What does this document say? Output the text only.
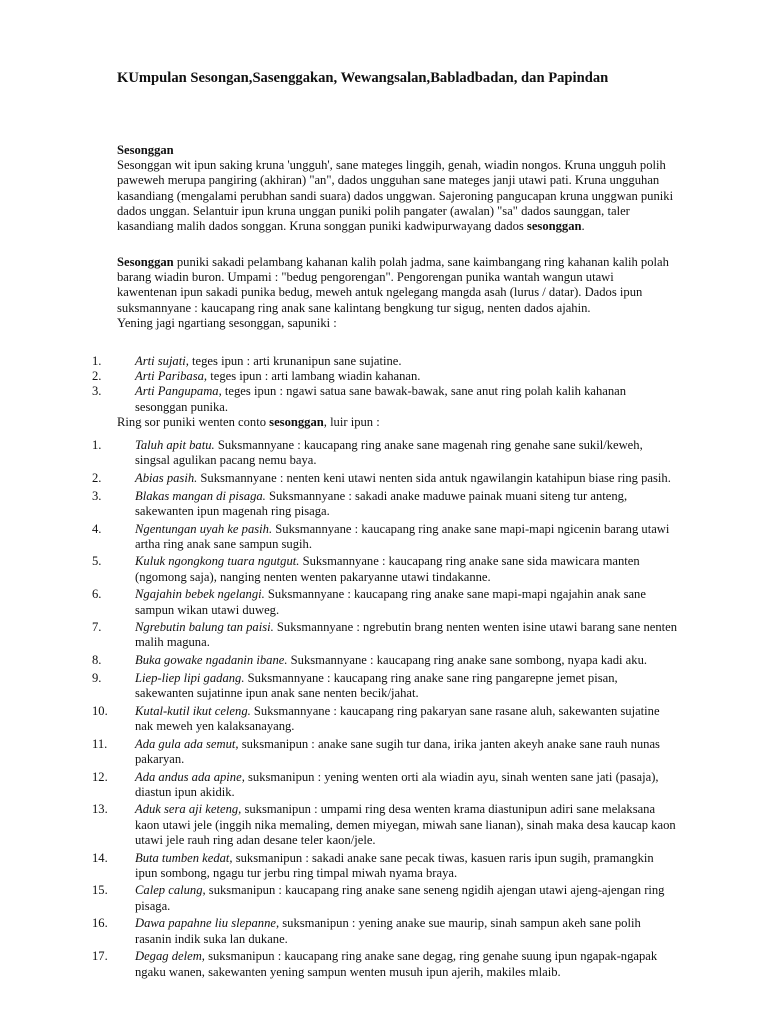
KUmpulan Sesongan,Sasenggakan, Wewangsalan,Babladbadan, dan Papindan

Sesonggan

Sesonggan wit ipun saking kruna 'ungguh', sane mateges linggih, genah, wiadin nongos. Kruna ungguh polih paweweh merupa pangiring (akhiran) "an", dados ungguhan sane mateges janji utawi pati. Kruna ungguhan kasandiang (mengalami perubhan sandi suara) dados unggwan. Sajeroning pangucapan kruna unggwan puniki dados unggan. Selantuir ipun kruna unggan puniki polih pangater (awalan) "sa" dados saunggan, taler kasandiang malih dados songgan. Kruna songgan puniki kadwipurwayang dados sesonggan.

Sesonggan puniki sakadi pelambang kahanan kalih polah jadma, sane kaimbangang ring kahanan kalih polah barang wiadin buron. Umpami : "bedug pengorengan". Pengorengan punika wantah wangun utawi kawentenan ipun sakadi punika bedug, meweh antuk ngelegang mangda asah (lurus / datar). Dados ipun suksmannyane : kaucapang ring anak sane kalintang bengkung tur sigug, nenten dados ajahin.

Yening jagi ngartiang sesonggan, sapuniki :

1.	Arti sujati, teges ipun : arti krunanipun sane sujatine.
2.	Arti Paribasa, teges ipun : arti lambang wiadin kahanan.
3.	Arti Pangupama, teges ipun : ngawi satua sane bawak-bawak, sane anut ring polah kalih kahanan sesonggan punika.

Ring sor puniki wenten conto sesonggan, luir ipun :

1.	Taluh apit batu. Suksmannyane : kaucapang ring anake sane magenah ring genahe sane sukil/keweh, singsal agulikan pacang nemu baya.
2.	Abias pasih. Suksmannyane : nenten keni utawi nenten sida antuk ngawilangin katahipun biase ring pasih.
3.	Blakas mangan di pisaga. Suksmannyane : sakadi anake maduwe painak muani siteng tur anteng, sakewanten ipun magenah ring pisaga.
4.	Ngentungan uyah ke pasih. Suksmannyane : kaucapang ring anake sane mapi-mapi ngicenin barang utawi artha ring anak sane sampun sugih.
5.	Kuluk ngongkong tuara ngutgut. Suksmannyane : kaucapang ring anake sane sida mawicara manten (ngomong saja), nanging nenten wenten pakaryanne utawi tindakanne.
6.	Ngajahin bebek ngelangi. Suksmannyane : kaucapang ring anake sane mapi-mapi ngajahin anak sane sampun wikan utawi duweg.
7.	Ngrebutin balung tan paisi. Suksmannyane : ngrebutin brang nenten wenten isine utawi barang sane nenten malih maguna.
8.	Buka gowake ngadanin ibane. Suksmannyane : kaucapang ring anake sane sombong, nyapa kadi aku.
9.	Liep-liep lipi gadang. Suksmannyane : kaucapang ring anake sane ring pangarepne jemet pisan, sakewanten sujatinne ipun anak sane nenten becik/jahat.
10.	Kutal-kutil ikut celeng. Suksmannyane : kaucapang ring pakaryan sane rasane aluh, sakewanten sujatine nak meweh yen kalaksanayang.
11.	Ada gula ada semut, suksmanipun : anake sane sugih tur dana, irika janten akeyh anake sane rauh nunas pakaryan.
12.	Ada andus ada apine, suksmanipun : yening wenten orti ala wiadin ayu, sinah wenten sane jati (pasaja), diastun ipun akidik.
13.	Aduk sera aji keteng, suksmanipun : umpami ring desa wenten krama diastunipun adiri sane melaksana kaon utawi jele (inggih nika memaling, demen miyegan, miwah sane lianan), sinah maka desa kaucap kaon utawi jele rauh ring adan desane teler kaon/jele.
14.	Buta tumben kedat, suksmanipun : sakadi anake sane pecak tiwas, kasuen raris ipun sugih, pramangkin ipun sombong, ngagu tur jerbu ring timpal miwah nyama braya.
15.	Calep calung, suksmanipun : kaucapang ring anake sane seneng ngidih ajengan utawi ajeng-ajengan ring pisaga.
16.	Dawa papahne liu slepanne, suksmanipun : yening anake sue maurip, sinah sampun akeh sane polih rasanin indik suka lan dukane.
17.	Degag delem, suksmanipun : kaucapang ring anake sane degag, ring genahe suung ipun ngapak-ngapak ngaku wanen, sakewanten yening sampun wenten musuh ipun ajerih, makiles mlaib.
